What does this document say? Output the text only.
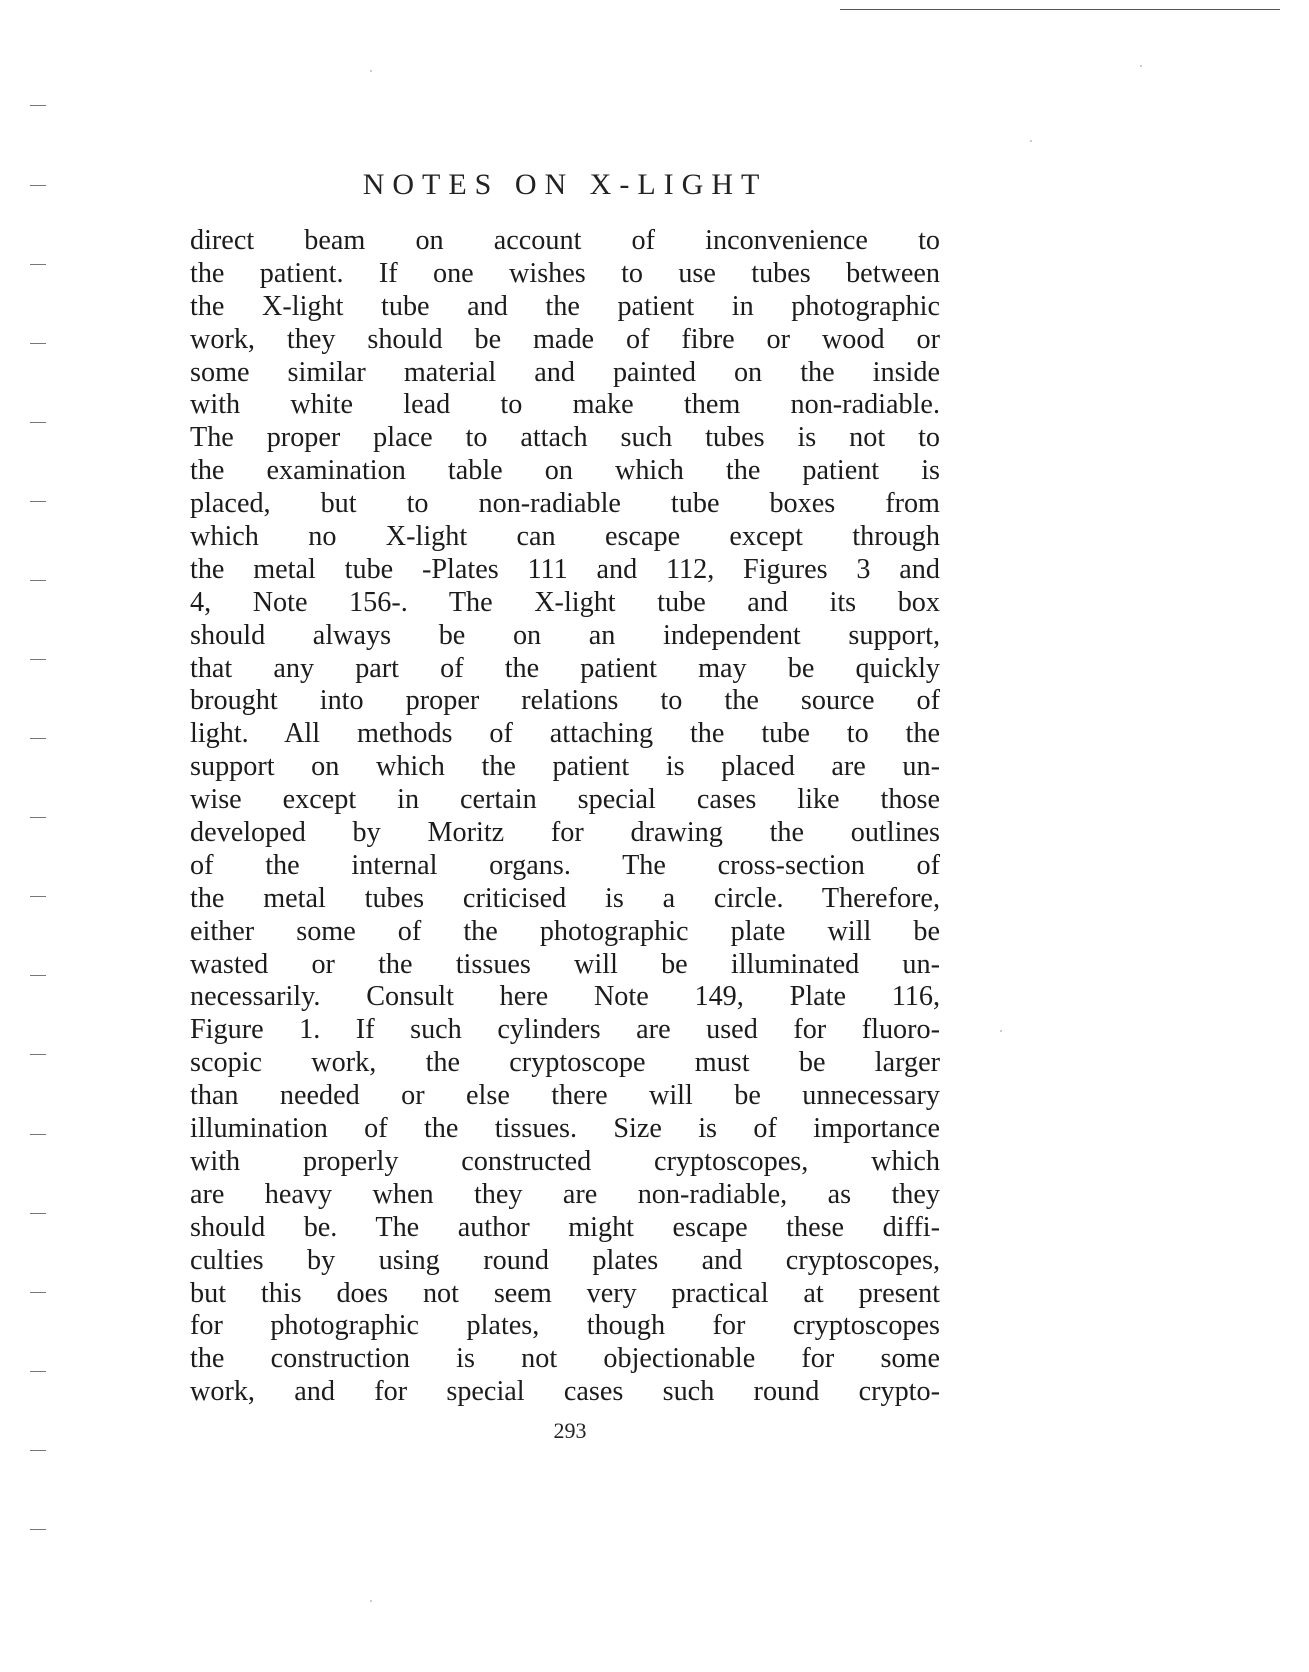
NOTES ON X-LIGHT
direct beam on account of inconvenience to
the patient. If one wishes to use tubes between
the X-light tube and the patient in photographic
work, they should be made of fibre or wood or
some similar material and painted on the inside
with white lead to make them non-radiable.
The proper place to attach such tubes is not to
the examination table on which the patient is
placed, but to non-radiable tube boxes from
which no X-light can escape except through
the metal tube -Plates 111 and 112, Figures 3 and
4, Note 156-. The X-light tube and its box
should always be on an independent support,
that any part of the patient may be quickly
brought into proper relations to the source of
light. All methods of attaching the tube to the
support on which the patient is placed are un-
wise except in certain special cases like those
developed by Moritz for drawing the outlines
of the internal organs. The cross-section of
the metal tubes criticised is a circle. Therefore,
either some of the photographic plate will be
wasted or the tissues will be illuminated un-
necessarily. Consult here Note 149, Plate 116,
Figure 1. If such cylinders are used for fluoro-
scopic work, the cryptoscope must be larger
than needed or else there will be unnecessary
illumination of the tissues. Size is of importance
with properly constructed cryptoscopes, which
are heavy when they are non-radiable, as they
should be. The author might escape these diffi-
culties by using round plates and cryptoscopes,
but this does not seem very practical at present
for photographic plates, though for cryptoscopes
the construction is not objectionable for some
work, and for special cases such round crypto-
293
